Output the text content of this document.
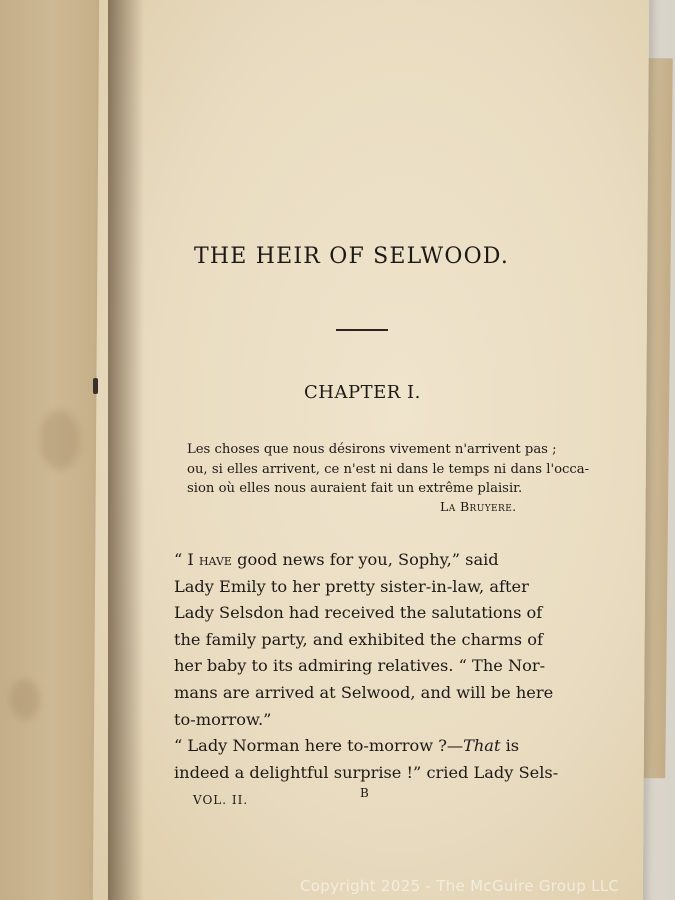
THE HEIR OF SELWOOD.
CHAPTER I.
Les choses que nous désirons vivement n'arrivent pas ;
ou, si elles arrivent, ce n'est ni dans le temps ni dans l'occa-
sion où elles nous auraient fait un extrême plaisir.
La Bruyere.
“ I have good news for you, Sophy,” said
Lady Emily to her pretty sister-in-law, after
Lady Selsdon had received the salutations of
the family party, and exhibited the charms of
her baby to its admiring relatives. “ The Nor-
mans are arrived at Selwood, and will be here
to-morrow.”
“ Lady Norman here to-morrow ?—That is
indeed a delightful surprise !” cried Lady Sels-
VOL. II.	B
Copyright 2025 - The McGuire Group LLC
